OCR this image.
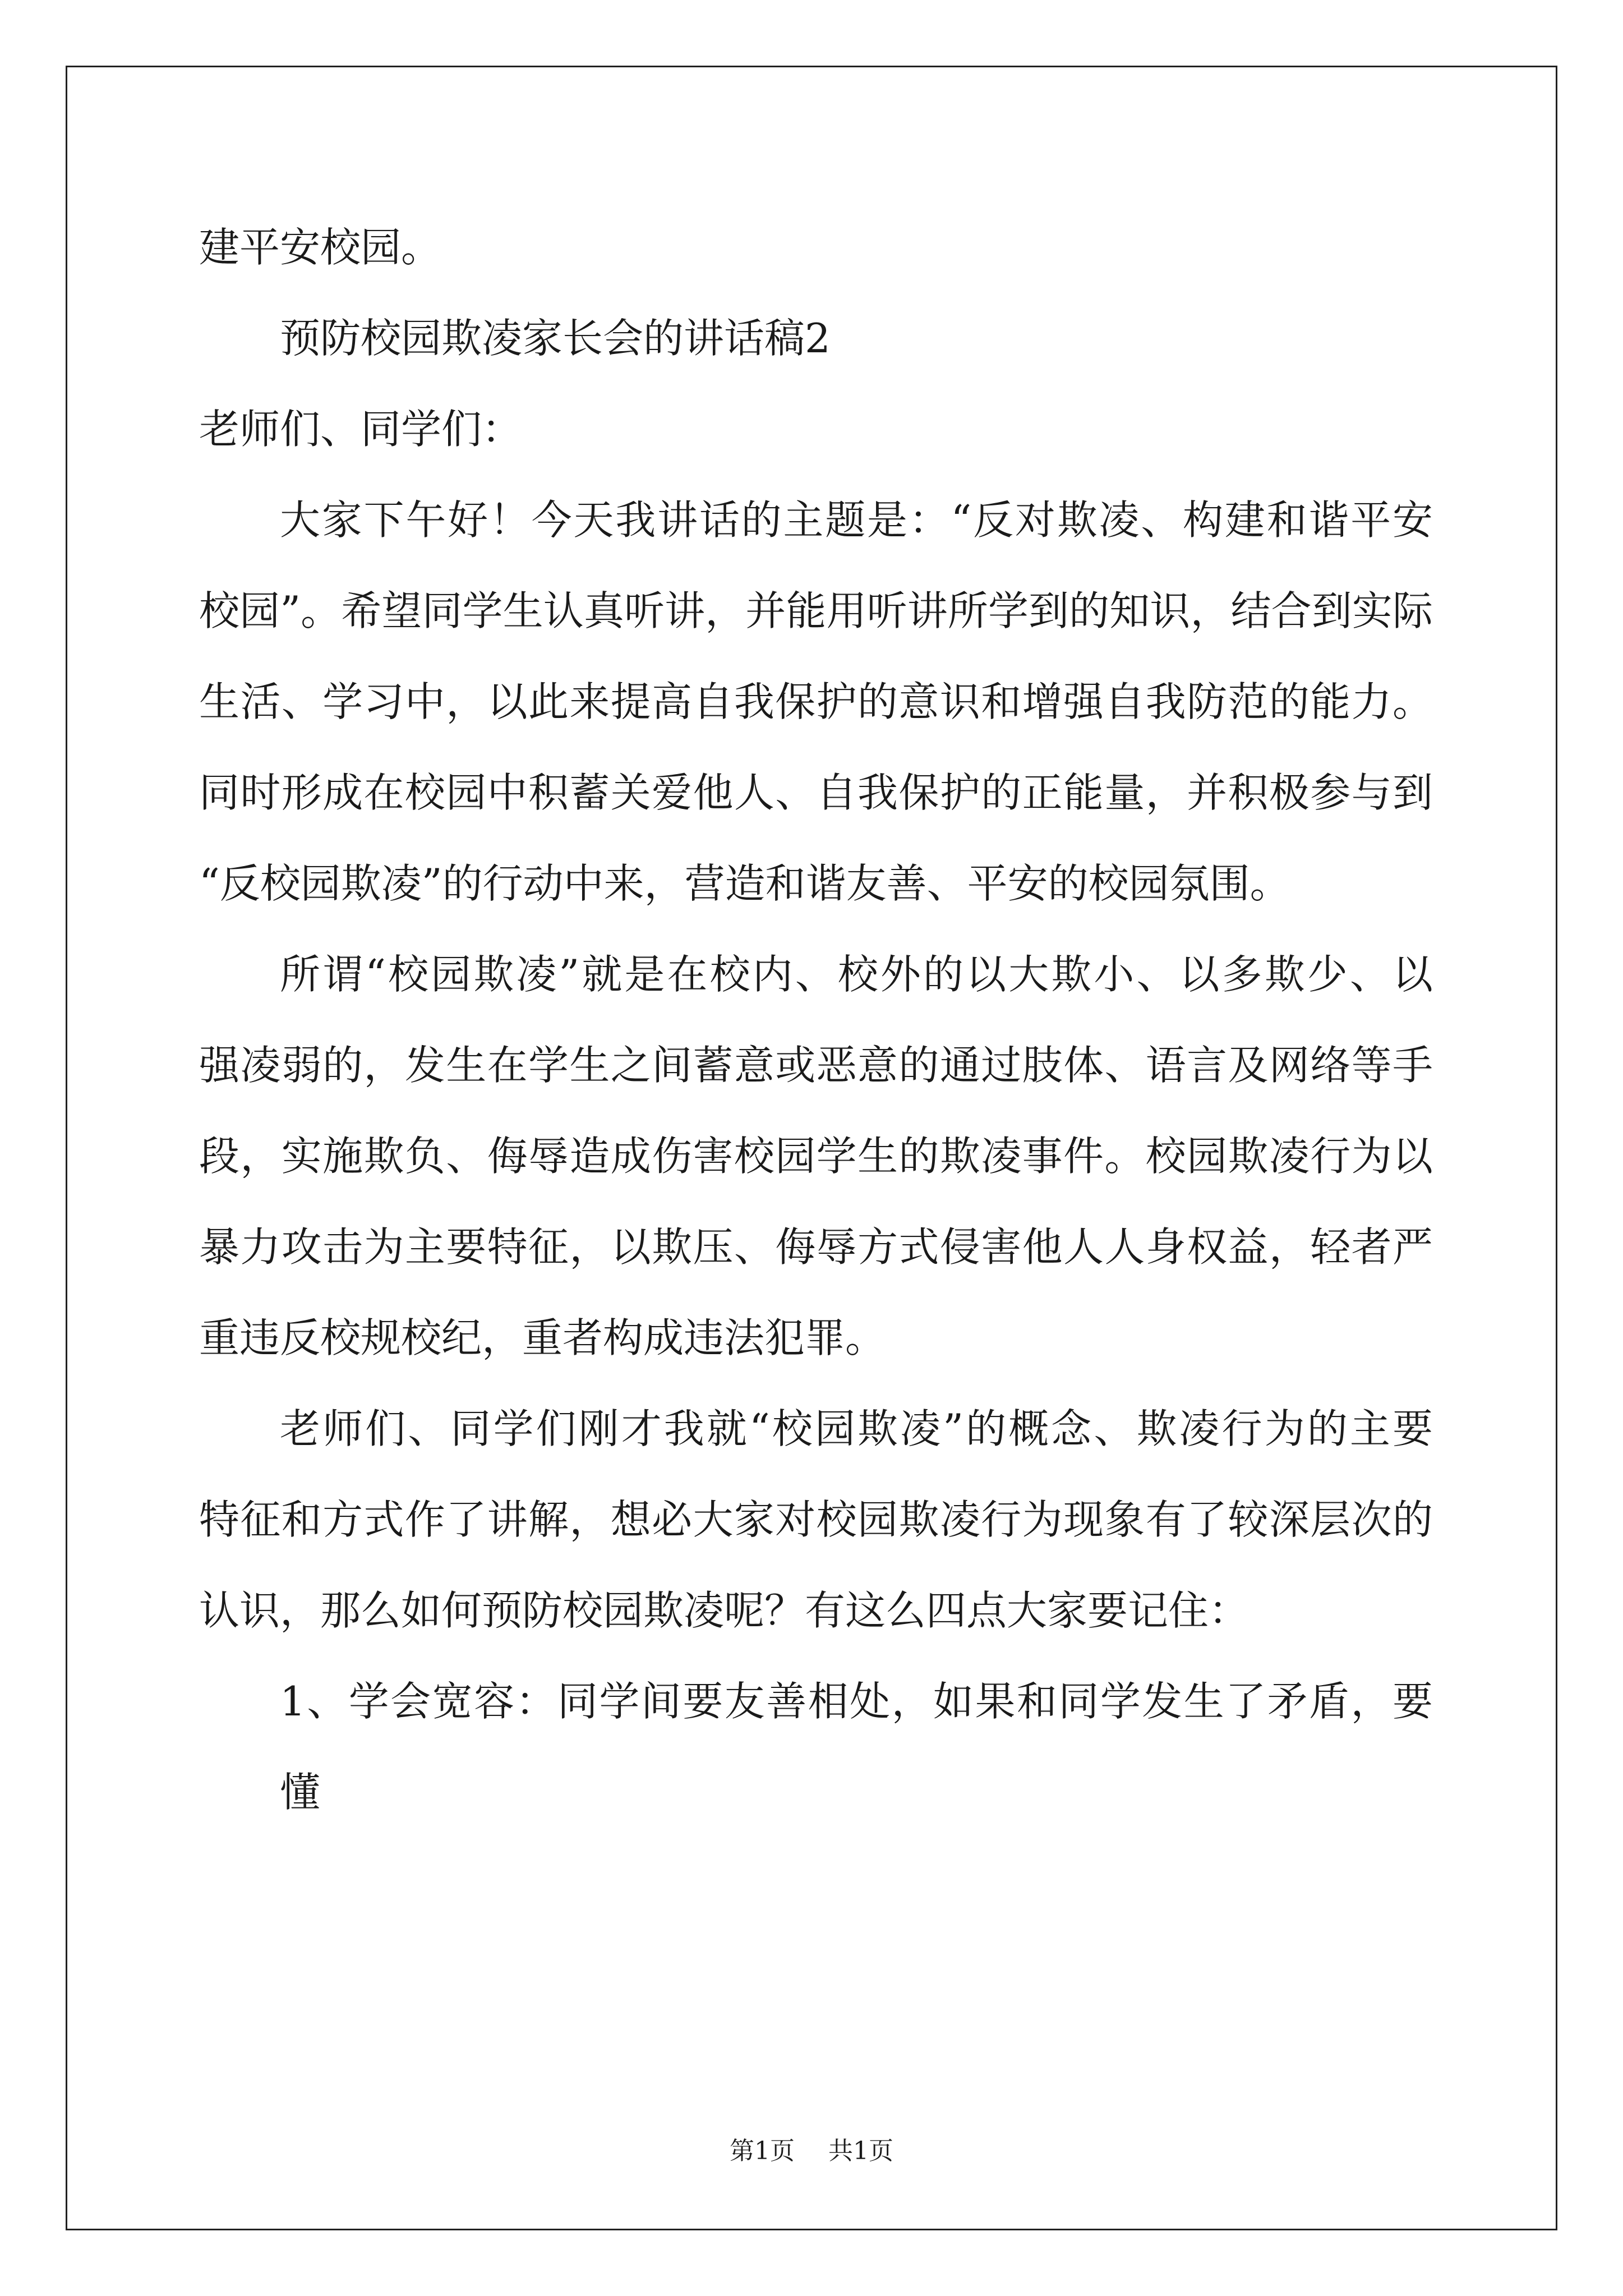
建平安校园。
预防校园欺凌家长会的讲话稿2
老师们、同学们：
大家下午好！今天我讲话的主题是：“反对欺凌、构建和谐平安
校园”。希望同学生认真听讲，并能用听讲所学到的知识，结合到实际
生活、学习中，以此来提高自我保护的意识和增强自我防范的能力。
同时形成在校园中积蓄关爱他人、自我保护的正能量，并积极参与到
“反校园欺凌”的行动中来，营造和谐友善、平安的校园氛围。
所谓“校园欺凌”就是在校内、校外的以大欺小、以多欺少、以
强凌弱的，发生在学生之间蓄意或恶意的通过肢体、语言及网络等手
段，实施欺负、侮辱造成伤害校园学生的欺凌事件。校园欺凌行为以
暴力攻击为主要特征，以欺压、侮辱方式侵害他人人身权益，轻者严
重违反校规校纪，重者构成违法犯罪。
老师们、同学们刚才我就“校园欺凌”的概念、欺凌行为的主要
特征和方式作了讲解，想必大家对校园欺凌行为现象有了较深层次的
认识，那么如何预防校园欺凌呢？有这么四点大家要记住：
1、学会宽容：同学间要友善相处，如果和同学发生了矛盾，要懂
第1页 共1页
